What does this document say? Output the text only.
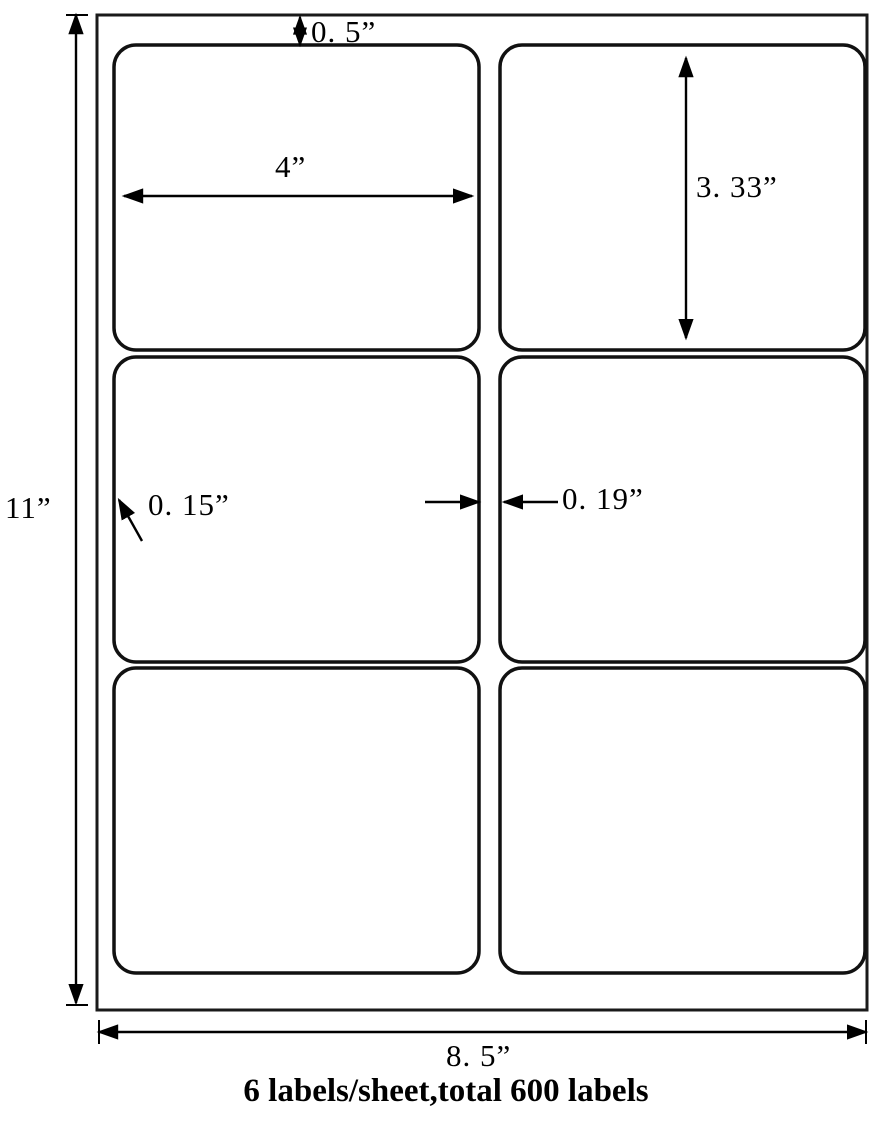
0. 5”
4”
3. 33”
11”	0. 15”	0. 19”
8. 5”
6 labels/sheet,total 600 labels
